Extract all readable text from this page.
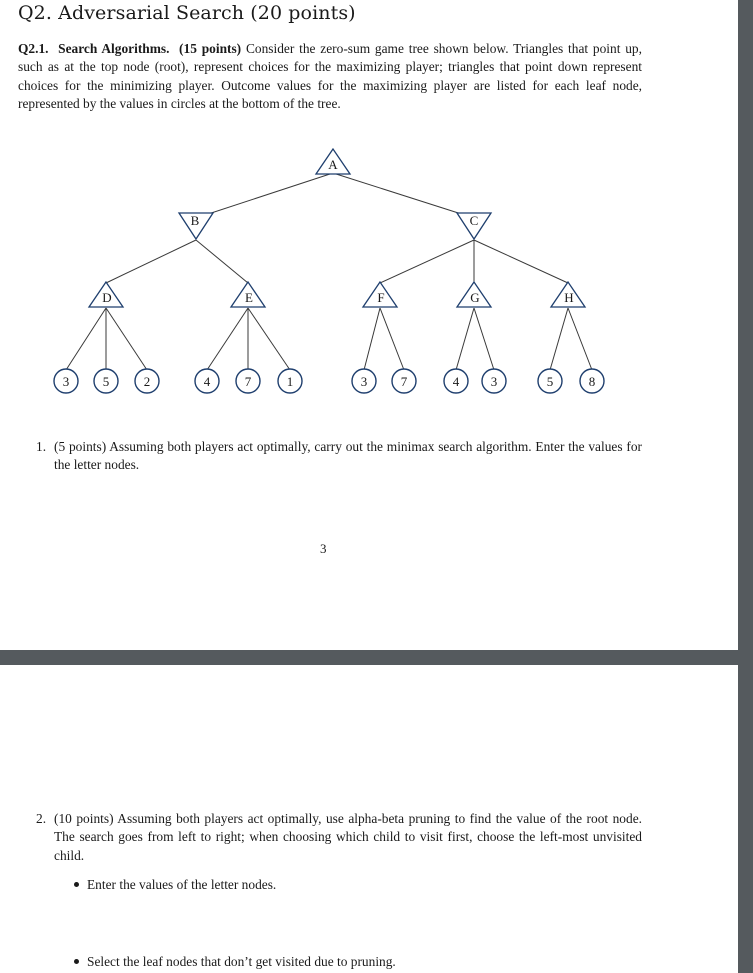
Q2. Adversarial Search (20 points)

Q2.1. Search Algorithms. (15 points) Consider the zero-sum game tree shown below. Triangles that point up, such as at the top node (root), represent choices for the maximizing player; triangles that point down represent choices for the minimizing player. Outcome values for the maximizing player are listed for each leaf node, represented by the values in circles at the bottom of the tree.

A
B	C
D	E	F	G	H
3	5	2	4	7	1	3	7	4 3	5	8
1. (5 points) Assuming both players act optimally, carry out the minimax search algorithm. Enter the values for the letter nodes.
3
2. (10 points) Assuming both players act optimally, use alpha-beta pruning to find the value of the root node. The search goes from left to right; when choosing which child to visit first, choose the left-most unvisited child.
Enter the values of the letter nodes.
Select the leaf nodes that don’t get visited due to pruning.
